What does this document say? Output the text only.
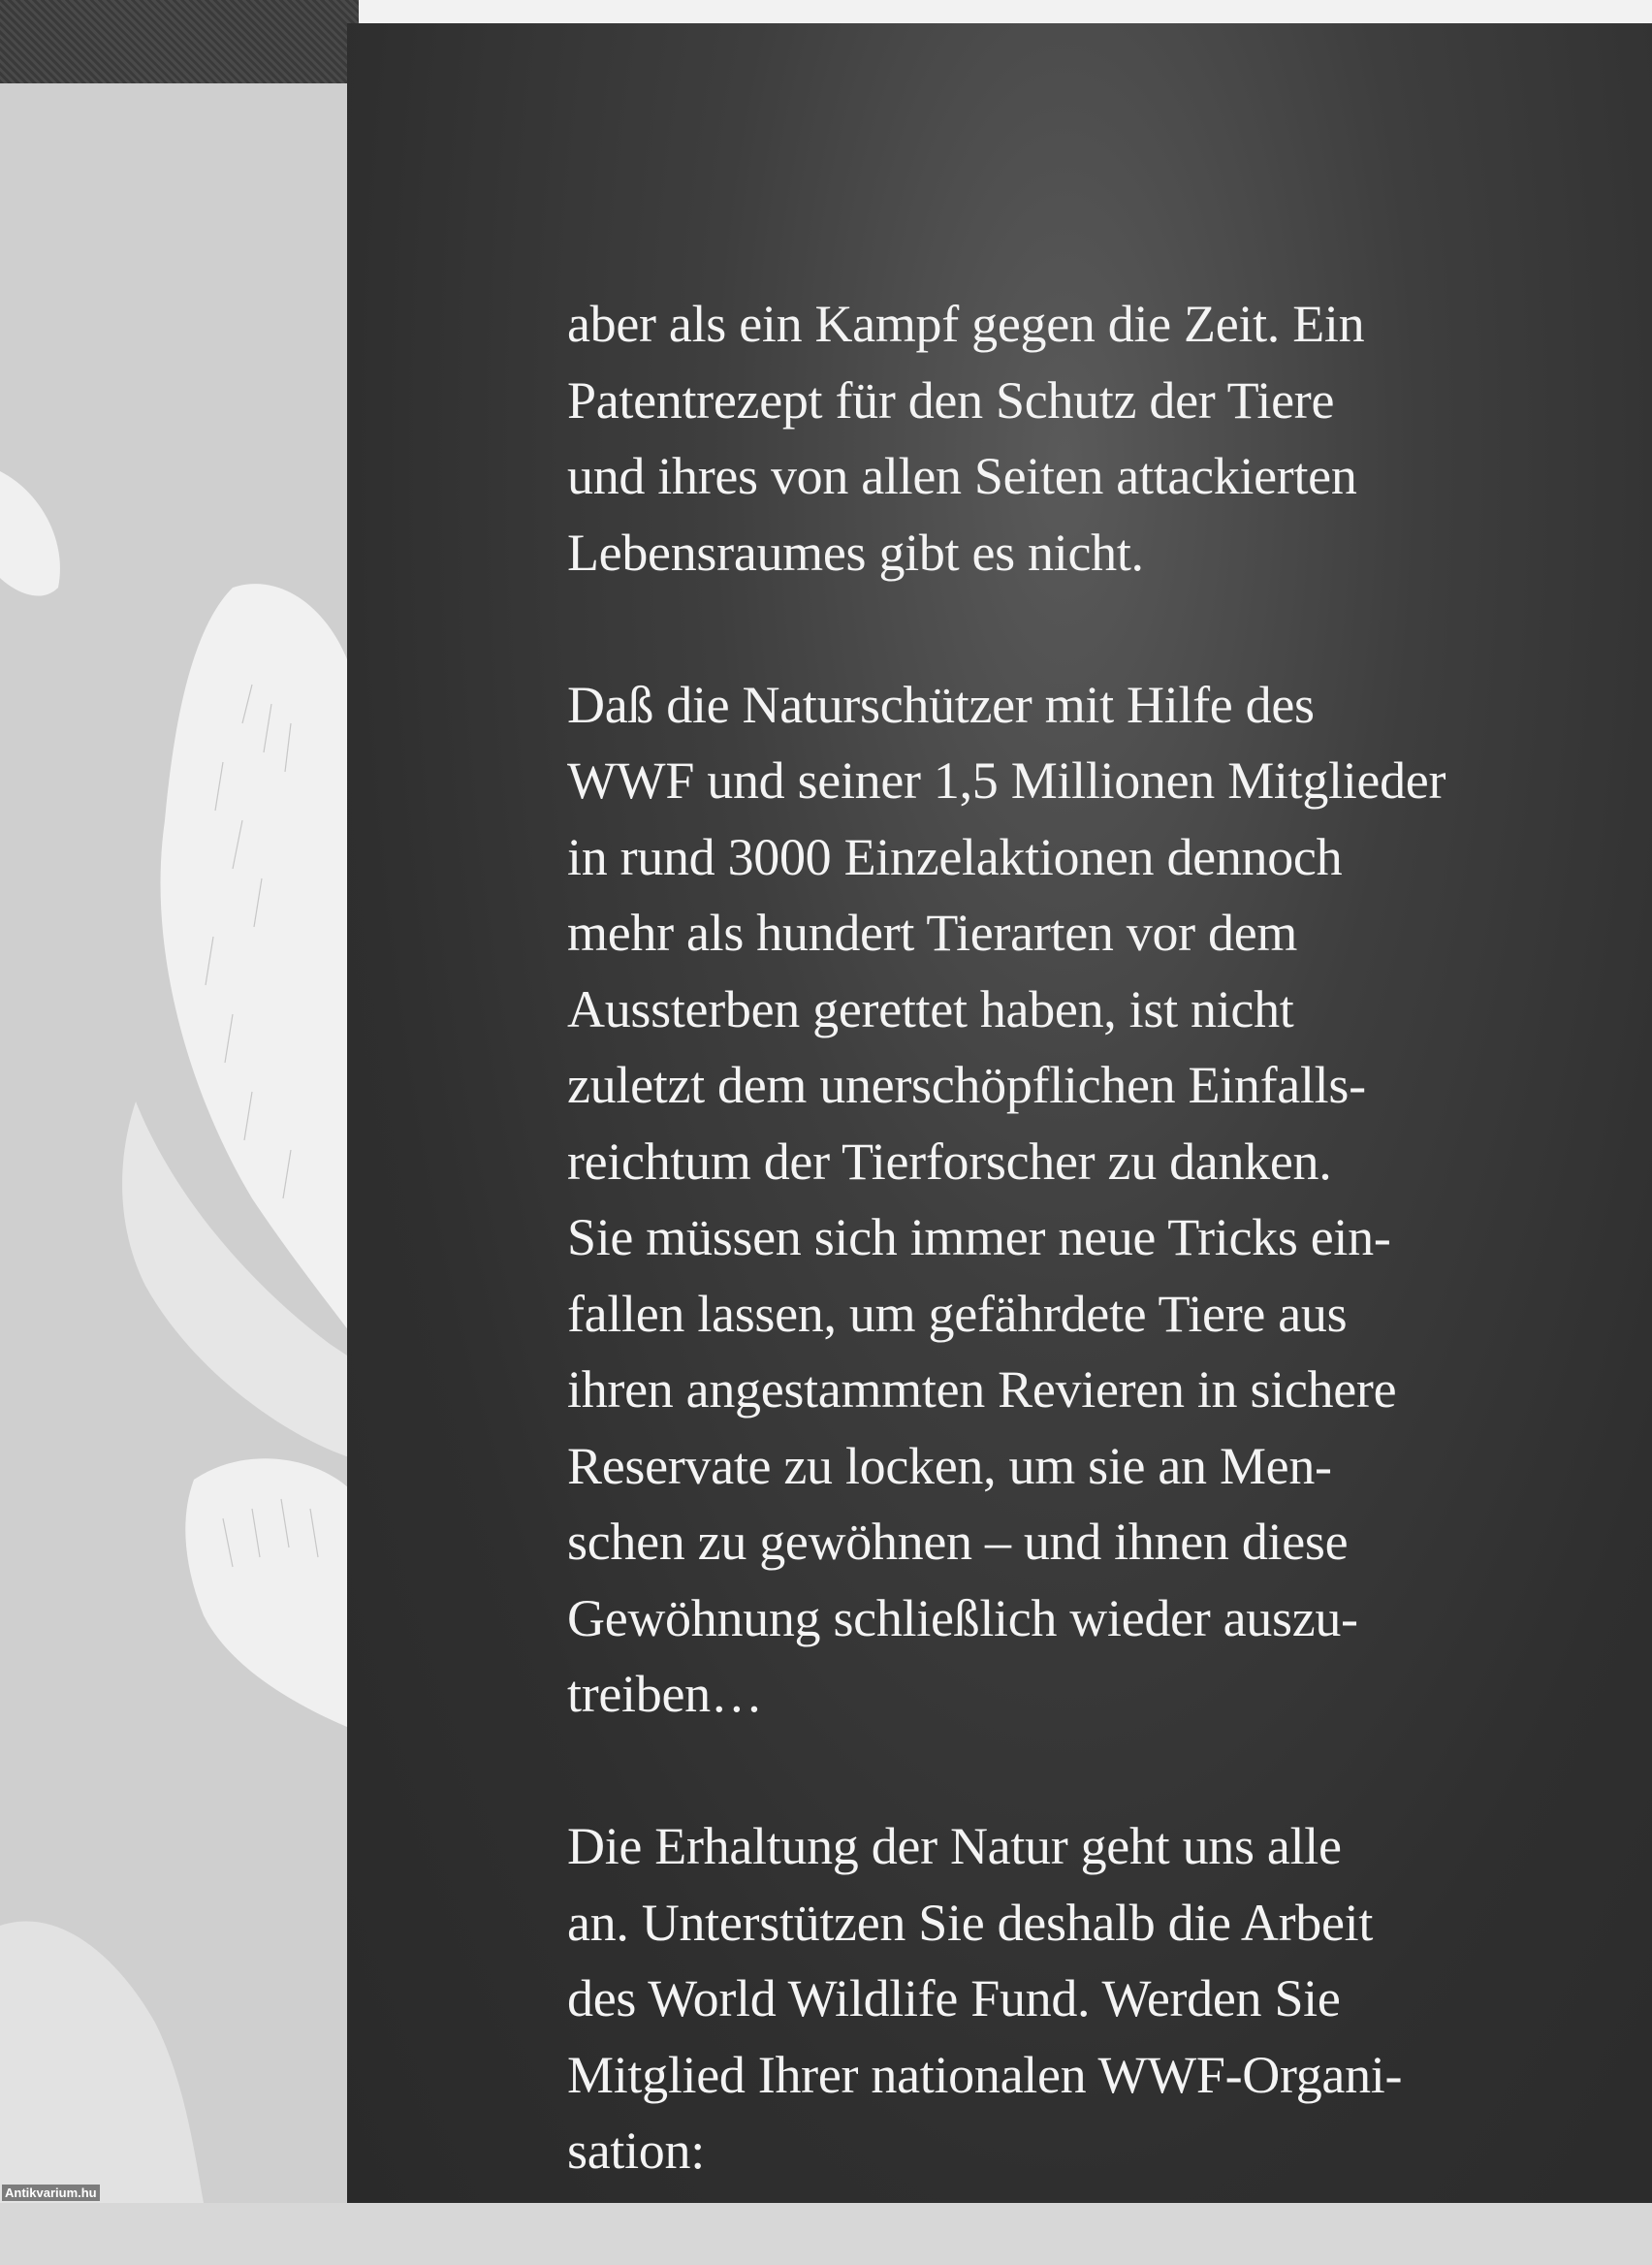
Antikvarium.hu
aber als ein Kampf gegen die Zeit. Ein
Patentrezept für den Schutz der Tiere
und ihres von allen Seiten attackierten
Lebensraumes gibt es nicht.
Daß die Naturschützer mit Hilfe des
WWF und seiner 1,5 Millionen Mitglieder
in rund 3000 Einzelaktionen dennoch
mehr als hundert Tierarten vor dem
Aussterben gerettet haben, ist nicht
zuletzt dem unerschöpflichen Einfalls-
reichtum der Tierforscher zu danken.
Sie müssen sich immer neue Tricks ein-
fallen lassen, um gefährdete Tiere aus
ihren angestammten Revieren in sichere
Reservate zu locken, um sie an Men-
schen zu gewöhnen – und ihnen diese
Gewöhnung schließlich wieder auszu-
treiben…
Die Erhaltung der Natur geht uns alle
an. Unterstützen Sie deshalb die Arbeit
des World Wildlife Fund. Werden Sie
Mitglied Ihrer nationalen WWF-Organi-
sation:
